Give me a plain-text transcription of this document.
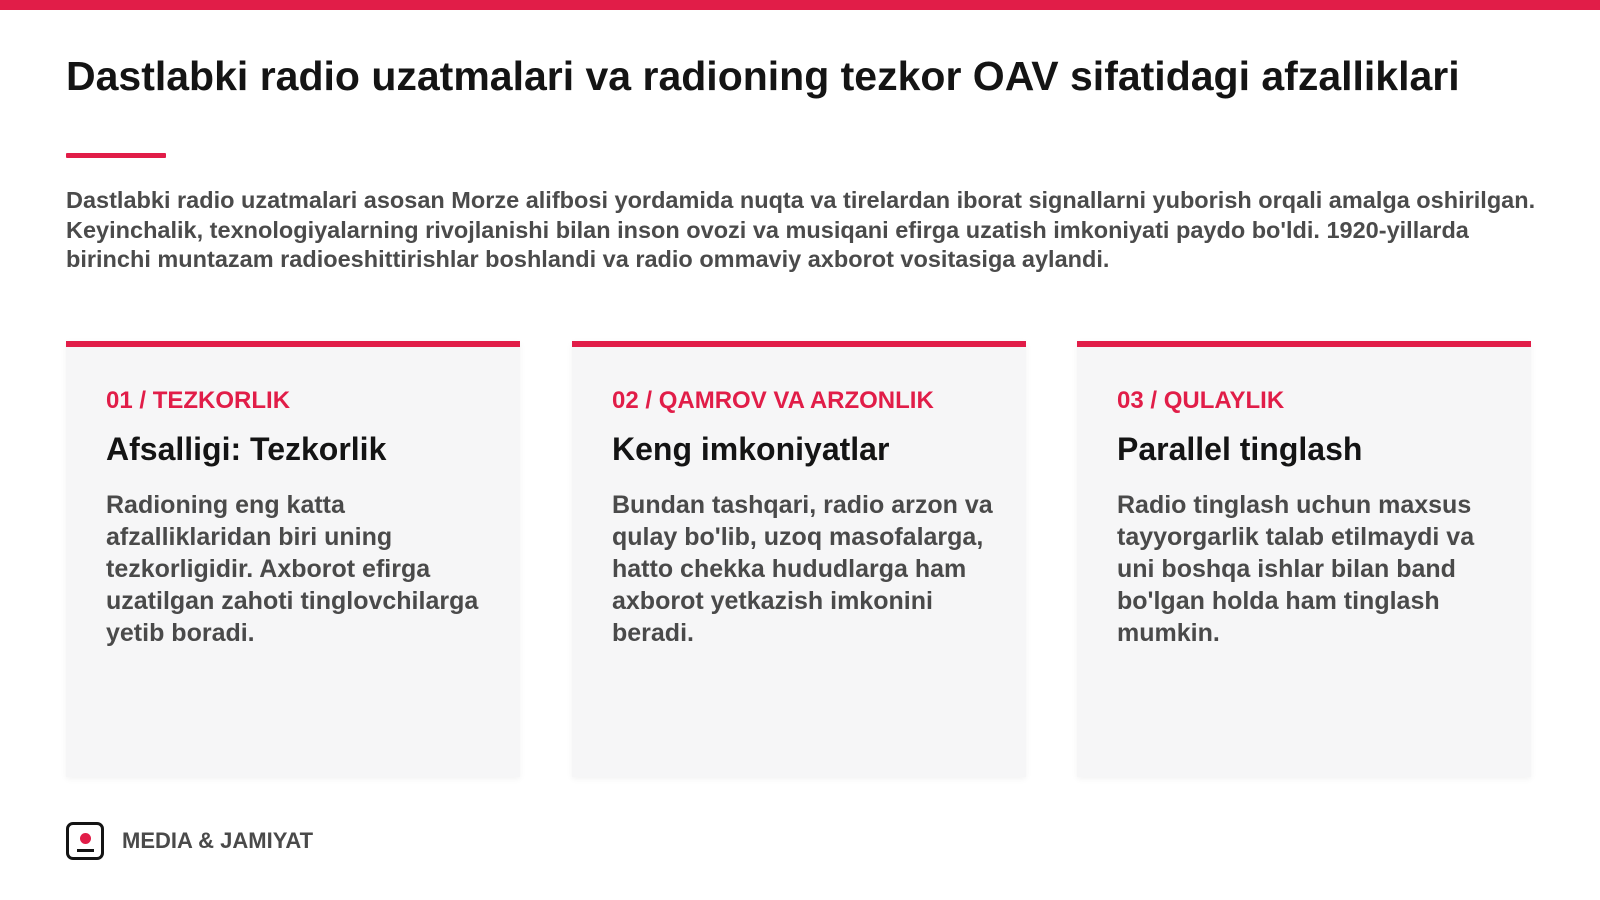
Dastlabki radio uzatmalari va radioning tezkor OAV sifatidagi afzalliklari

Dastlabki radio uzatmalari asosan Morze alifbosi yordamida nuqta va tirelardan iborat signallarni yuborish orqali amalga oshirilgan. Keyinchalik, texnologiyalarning rivojlanishi bilan inson ovozi va musiqani efirga uzatish imkoniyati paydo bo'ldi. 1920-yillarda birinchi muntazam radioeshittirishlar boshlandi va radio ommaviy axborot vositasiga aylandi.

01 / TEZKORLIK
Afsalligi: Tezkorlik

Radioning eng katta afzalliklaridan biri uning tezkorligidir. Axborot efirga uzatilgan zahoti tinglovchilarga yetib boradi.

02 / QAMROV VA ARZONLIK
Keng imkoniyatlar

Bundan tashqari, radio arzon va qulay bo'lib, uzoq masofalarga, hatto chekka hududlarga ham axborot yetkazish imkonini beradi.

03 / QULAYLIK
Parallel tinglash

Radio tinglash uchun maxsus tayyorgarlik talab etilmaydi va uni boshqa ishlar bilan band bo'lgan holda ham tinglash mumkin.

MEDIA & JAMIYAT
